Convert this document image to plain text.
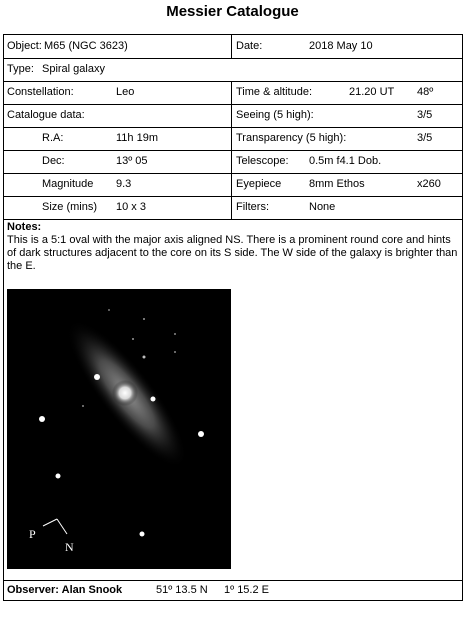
Messier Catalogue
Object: M65 (NGC 3623)	Date:	2018 May 10
Type: Spiral galaxy
Constellation:	Leo	Time & altitude:	21.20 UT 48º
Catalogue data:	Seeing (5 high):	3/5
R.A:	11h 19m	Transparency (5 high):	3/5
Dec:	13º 05	Telescope: 0.5m f4.1 Dob.
Magnitude 9.3	Eyepiece	8mm Ethos	x260
Size (mins) 10 x 3	Filters:	None
Notes:
This is a 5:1 oval with the major axis aligned NS. There is a prominent round core and hints of dark structures adjacent to the core on its S side. The W side of the galaxy is brighter than the E.
P
N
Observer: Alan Snook	51º 13.5 N 1º 15.2 E
